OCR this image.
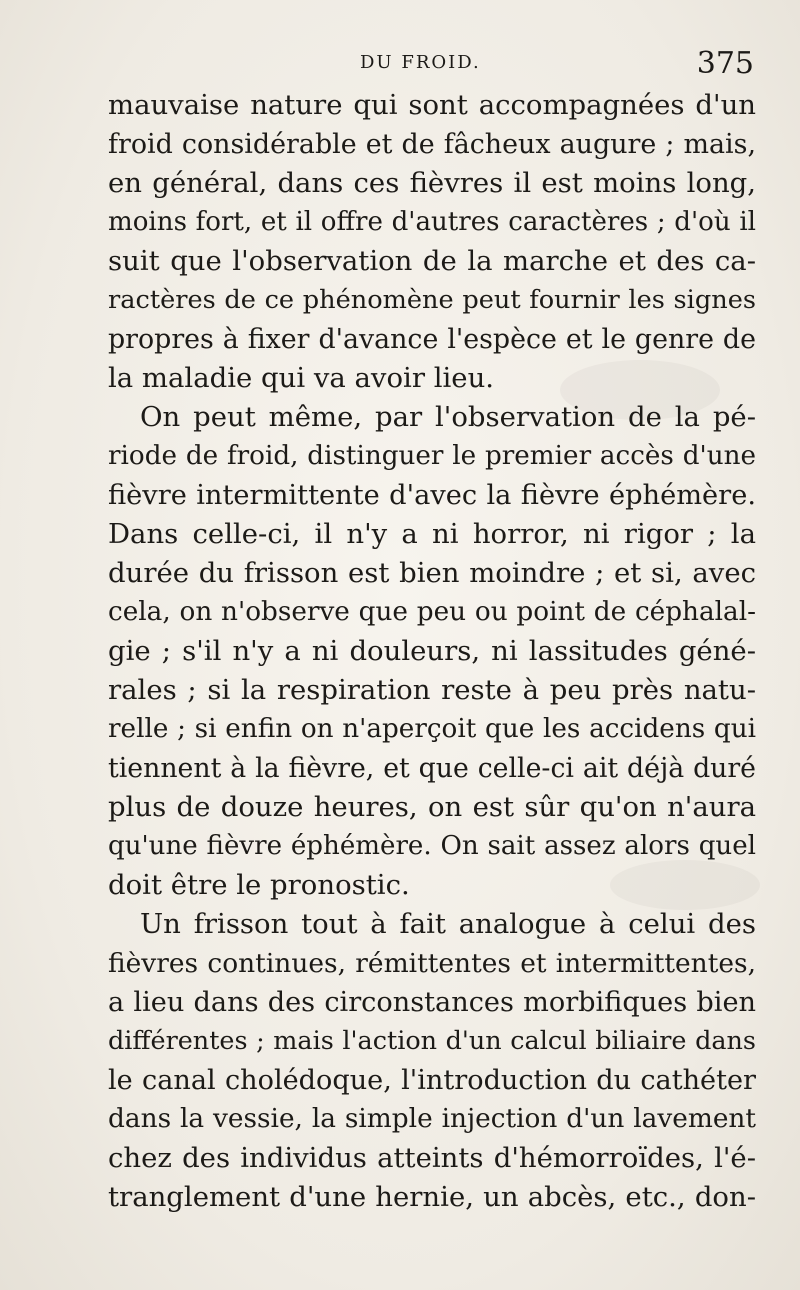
DU FROID.	375
mauvaise nature qui sont accompagnées d'un
froid considérable et de fâcheux augure ; mais,
en général, dans ces fièvres il est moins long,
moins fort, et il offre d'autres caractères ; d'où il
suit que l'observation de la marche et des ca-
ractères de ce phénomène peut fournir les signes
propres à fixer d'avance l'espèce et le genre de
la maladie qui va avoir lieu.
On peut même, par l'observation de la pé-
riode de froid, distinguer le premier accès d'une
fièvre intermittente d'avec la fièvre éphémère.
Dans celle-ci, il n'y a ni horror, ni rigor ; la
durée du frisson est bien moindre ; et si, avec
cela, on n'observe que peu ou point de céphalal-
gie ; s'il n'y a ni douleurs, ni lassitudes géné-
rales ; si la respiration reste à peu près natu-
relle ; si enfin on n'aperçoit que les accidens qui
tiennent à la fièvre, et que celle-ci ait déjà duré
plus de douze heures, on est sûr qu'on n'aura
qu'une fièvre éphémère. On sait assez alors quel
doit être le pronostic.
Un frisson tout à fait analogue à celui des
fièvres continues, rémittentes et intermittentes,
a lieu dans des circonstances morbifiques bien
différentes ; mais l'action d'un calcul biliaire dans
le canal cholédoque, l'introduction du cathéter
dans la vessie, la simple injection d'un lavement
chez des individus atteints d'hémorroïdes, l'é-
tranglement d'une hernie, un abcès, etc., don-
